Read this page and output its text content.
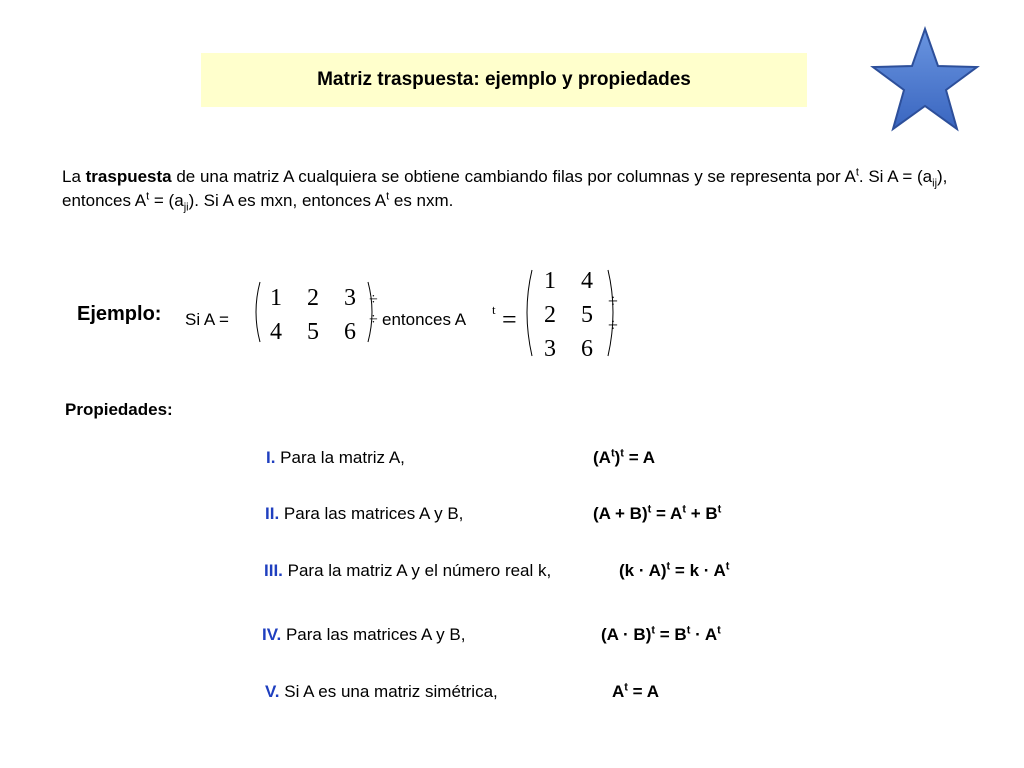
Matriz traspuesta: ejemplo y propiedades
La traspuesta de una matriz A cualquiera se obtiene cambiando filas por columnas y se representa por $A^t$. Si $A = (a_{ij})$, entonces $A^t = (a_{ji})$. Si A es mxn, entonces $A^t$ es nxm.
Ejemplo: Si A =
1 2 3
4 5 6
÷
÷ entonces A
t =
1 4
2 5
3 6
÷
÷
Propiedades:
I. Para la matriz A,	$(A^t)^t = A$
II. Para las matrices A y B,	$(A + B)^t = A^t + B^t$
III. Para la matriz A y el número real k,	$(k \cdot A)^t = k \cdot A^t$
IV. Para las matrices A y B,	$(A \cdot B)^t = B^t \cdot A^t$
V. Si A es una matriz simétrica,	$A^t = A$
